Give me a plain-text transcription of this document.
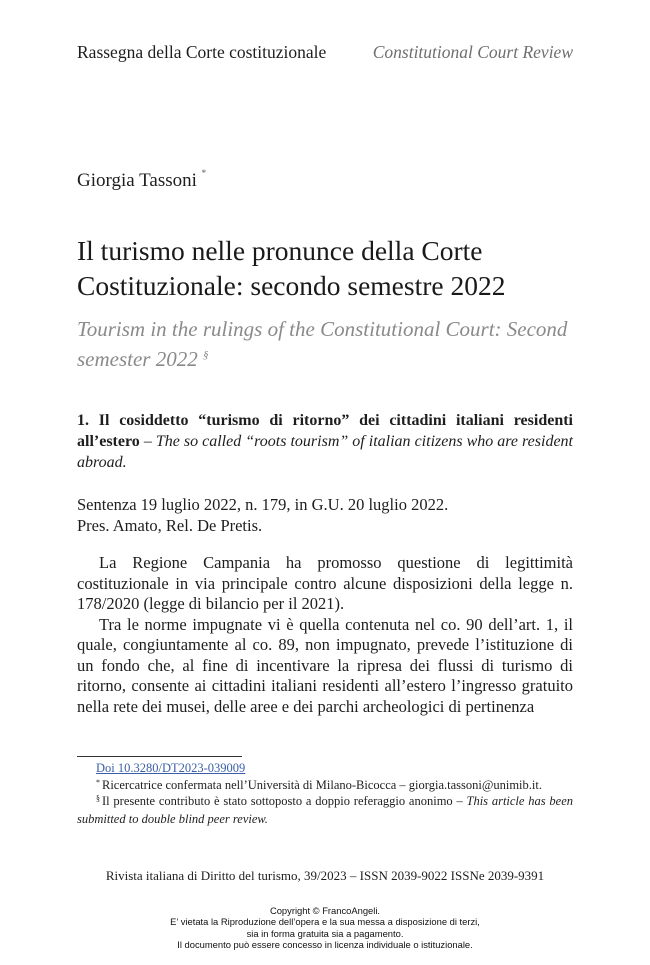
Rassegna della Corte costituzionale	Constitutional Court Review
Giorgia Tassoni *
Il turismo nelle pronunce della Corte Costituzionale: secondo semestre 2022
Tourism in the rulings of the Constitutional Court: Second semester 2022 §
1. Il cosiddetto “turismo di ritorno” dei cittadini italiani residenti all’estero – The so called “roots tourism” of italian citizens who are resident abroad.
Sentenza 19 luglio 2022, n. 179, in G.U. 20 luglio 2022.
Pres. Amato, Rel. De Pretis.

La Regione Campania ha promosso questione di legittimità costituzionale in via principale contro alcune disposizioni della legge n. 178/2020 (legge di bilancio per il 2021).

Tra le norme impugnate vi è quella contenuta nel co. 90 dell’art. 1, il quale, congiuntamente al co. 89, non impugnato, prevede l’istituzione di un fondo che, al fine di incentivare la ripresa dei flussi di turismo di ritorno, consente ai cittadini italiani residenti all’estero l’ingresso gratuito nella rete dei musei, delle aree e dei parchi archeologici di pertinenza

Doi 10.3280/DT2023-039009
* Ricercatrice confermata nell’Università di Milano-Bicocca – giorgia.tassoni@unimib.it.
§ Il presente contributo è stato sottoposto a doppio referaggio anonimo – This article has been submitted to double blind peer review.
Rivista italiana di Diritto del turismo, 39/2023 – ISSN 2039-9022 ISSNe 2039-9391
Copyright © FrancoAngeli.
E’ vietata la Riproduzione dell’opera e la sua messa a disposizione di terzi,
sia in forma gratuita sia a pagamento.
Il documento può essere concesso in licenza individuale o istituzionale.
